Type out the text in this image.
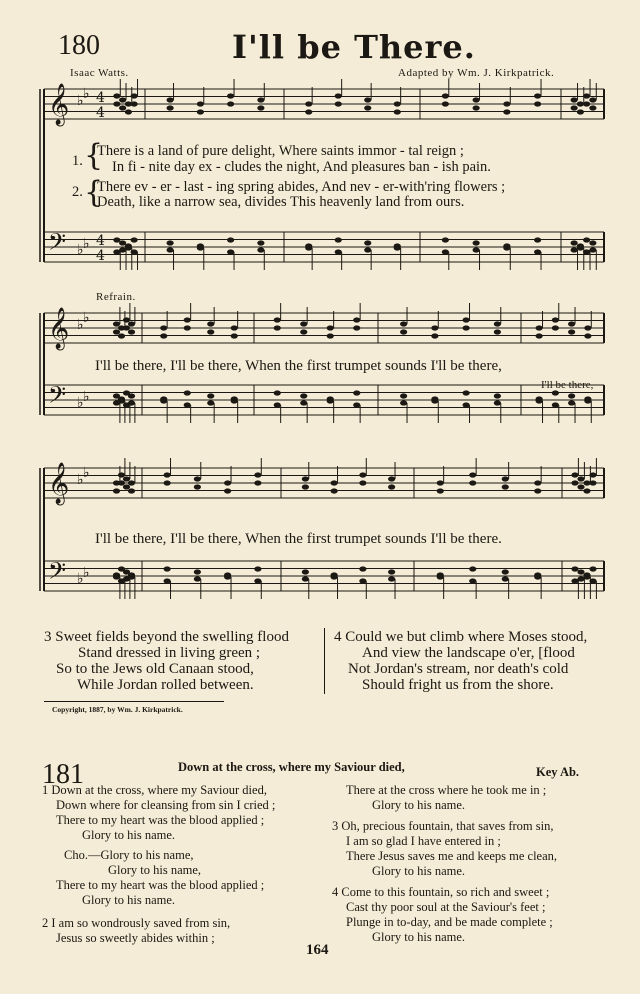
180	I'll be There.
Isaac Watts.	Adapted by Wm. J. Kirkpatrick.
𝄞
𝄢
♭ ♭
♭ ♭
4
4
4
4
𝄞
𝄢
♭ ♭
♭ ♭
𝄞
𝄢
♭ ♭
♭ ♭
1.
2.
{
{
There is a land of pure delight, Where saints immor - tal reign ;
In fi - nite day ex - cludes the night, And pleasures ban - ish pain.
There ev - er - last - ing spring abides, And nev - er-with'ring flowers ;
Death, like a narrow sea, divides This heavenly land from ours.
Refrain.
I'll be there, I'll be there, When the first trumpet sounds I'll be there,
I'll be there,
I'll be there, I'll be there, When the first trumpet sounds I'll be there.
3 Sweet fields beyond the swelling flood
Stand dressed in living green ;
So to the Jews old Canaan stood,
While Jordan rolled between.
4 Could we but climb where Moses stood,
And view the landscape o'er, [flood
Not Jordan's stream, nor death's cold
Should fright us from the shore.
Copyright, 1887, by Wm. J. Kirkpatrick.
181	Down at the cross, where my Saviour died,	Key Ab.
1 Down at the cross, where my Saviour died,
Down where for cleansing from sin I cried ;
There to my heart was the blood applied ;
Glory to his name.
Cho.—Glory to his name,
Glory to his name,
There to my heart was the blood applied ;
Glory to his name.
2 I am so wondrously saved from sin,
Jesus so sweetly abides within ;
There at the cross where he took me in ;
Glory to his name.
3 Oh, precious fountain, that saves from sin,
I am so glad I have entered in ;
There Jesus saves me and keeps me clean,
Glory to his name.
4 Come to this fountain, so rich and sweet ;
Cast thy poor soul at the Saviour's feet ;
Plunge in to-day, and be made complete ;
Glory to his name.
164
